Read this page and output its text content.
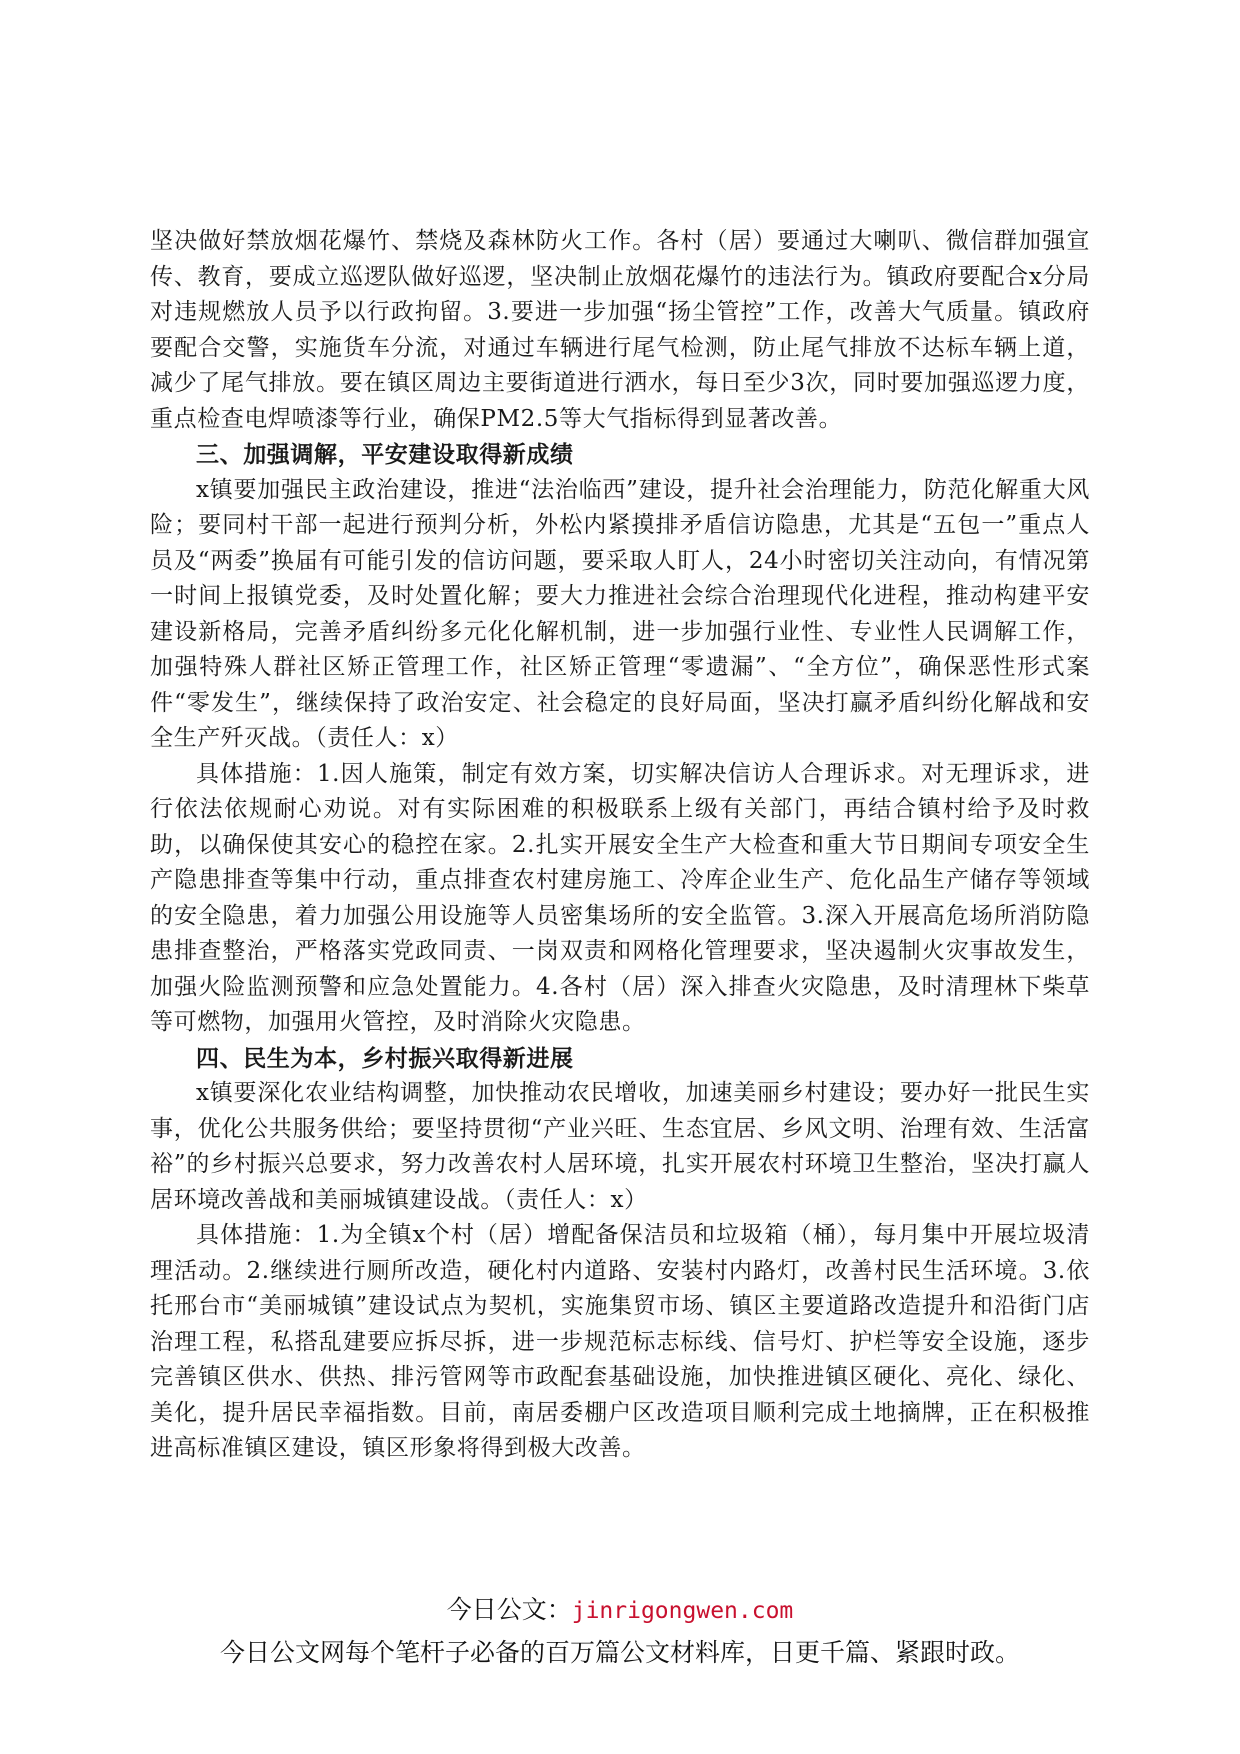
坚决做好禁放烟花爆竹、禁烧及森林防火工作。各村（居）要通过大喇叭、微信群加强宣传、教育，要成立巡逻队做好巡逻，坚决制止放烟花爆竹的违法行为。镇政府要配合x分局对违规燃放人员予以行政拘留。3.要进一步加强“扬尘管控”工作，改善大气质量。镇政府要配合交警，实施货车分流，对通过车辆进行尾气检测，防止尾气排放不达标车辆上道，减少了尾气排放。要在镇区周边主要街道进行洒水，每日至少3次，同时要加强巡逻力度，重点检查电焊喷漆等行业，确保PM2.5等大气指标得到显著改善。

三、加强调解，平安建设取得新成绩

x镇要加强民主政治建设，推进“法治临西”建设，提升社会治理能力，防范化解重大风险；要同村干部一起进行预判分析，外松内紧摸排矛盾信访隐患，尤其是“五包一”重点人员及“两委”换届有可能引发的信访问题，要采取人盯人，24小时密切关注动向，有情况第一时间上报镇党委，及时处置化解；要大力推进社会综合治理现代化进程，推动构建平安建设新格局，完善矛盾纠纷多元化化解机制，进一步加强行业性、专业性人民调解工作，加强特殊人群社区矫正管理工作，社区矫正管理“零遗漏”、“全方位”，确保恶性形式案件“零发生”，继续保持了政治安定、社会稳定的良好局面，坚决打赢矛盾纠纷化解战和安全生产歼灭战。（责任人：x）

具体措施：1.因人施策，制定有效方案，切实解决信访人合理诉求。对无理诉求，进行依法依规耐心劝说。对有实际困难的积极联系上级有关部门，再结合镇村给予及时救助，以确保使其安心的稳控在家。2.扎实开展安全生产大检查和重大节日期间专项安全生产隐患排查等集中行动，重点排查农村建房施工、冷库企业生产、危化品生产储存等领域的安全隐患，着力加强公用设施等人员密集场所的安全监管。3.深入开展高危场所消防隐患排查整治，严格落实党政同责、一岗双责和网格化管理要求，坚决遏制火灾事故发生，加强火险监测预警和应急处置能力。4.各村（居）深入排查火灾隐患，及时清理林下柴草等可燃物，加强用火管控，及时消除火灾隐患。

四、民生为本，乡村振兴取得新进展

x镇要深化农业结构调整，加快推动农民增收，加速美丽乡村建设；要办好一批民生实事，优化公共服务供给；要坚持贯彻“产业兴旺、生态宜居、乡风文明、治理有效、生活富裕”的乡村振兴总要求，努力改善农村人居环境，扎实开展农村环境卫生整治，坚决打赢人居环境改善战和美丽城镇建设战。（责任人：x）

具体措施：1.为全镇x个村（居）增配备保洁员和垃圾箱（桶），每月集中开展垃圾清理活动。2.继续进行厕所改造，硬化村内道路、安装村内路灯，改善村民生活环境。3.依托邢台市“美丽城镇”建设试点为契机，实施集贸市场、镇区主要道路改造提升和沿街门店治理工程，私搭乱建要应拆尽拆，进一步规范标志标线、信号灯、护栏等安全设施，逐步完善镇区供水、供热、排污管网等市政配套基础设施，加快推进镇区硬化、亮化、绿化、美化，提升居民幸福指数。目前，南居委棚户区改造项目顺利完成土地摘牌，正在积极推进高标准镇区建设，镇区形象将得到极大改善。

今日公文：jinrigongwen.com
今日公文网每个笔杆子必备的百万篇公文材料库，日更千篇、紧跟时政。
